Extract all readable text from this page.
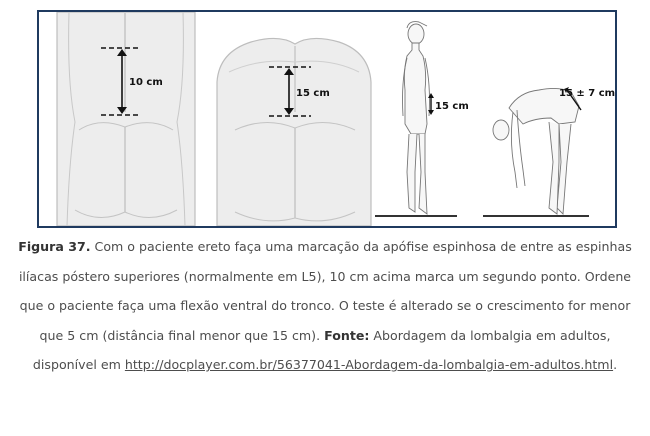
10 cm
15 cm
15 cm
15 ± 7 cm
Figura 37. Com o paciente ereto faça uma marcação da apófise espinhosa de entre as espinhas ilíacas póstero superiores (normalmente em L5), 10 cm acima marca um segundo ponto. Ordene que o paciente faça uma flexão ventral do tronco. O teste é alterado se o crescimento for menor que 5 cm (distância final menor que 15 cm). Fonte: Abordagem da lombalgia em adultos, disponível em http://docplayer.com.br/56377041-Abordagem-da-lombalgia-em-adultos.html.
